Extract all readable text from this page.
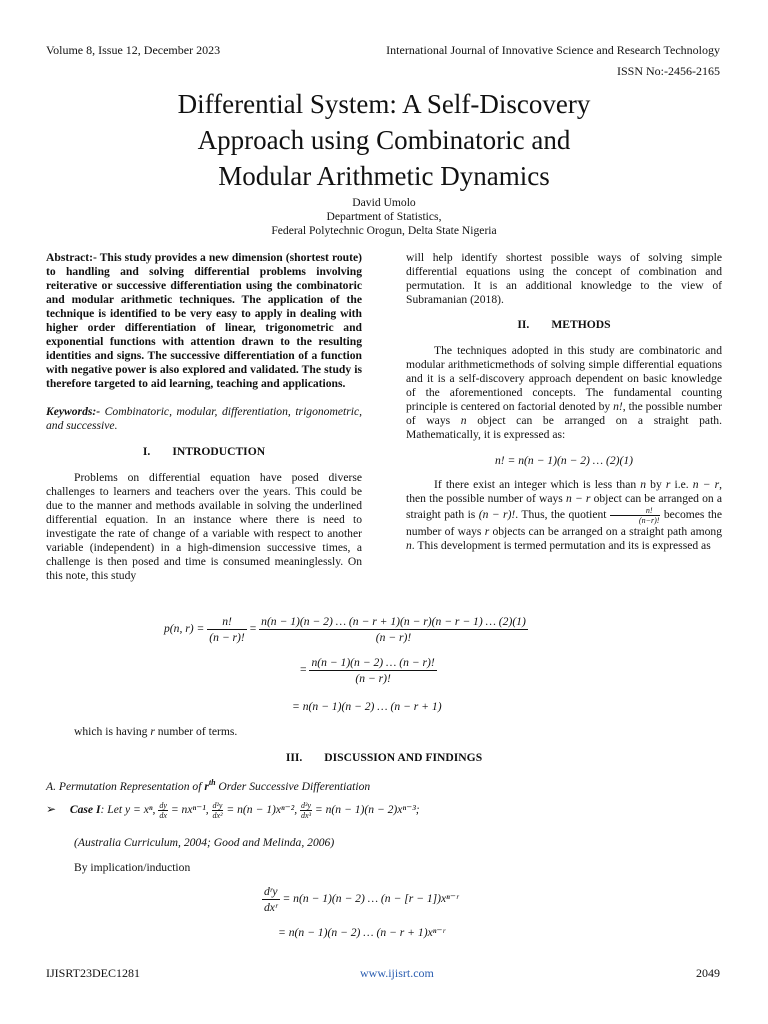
Volume 8, Issue 12, December 2023	International Journal of Innovative Science and Research Technology
ISSN No:-2456-2165
Differential System: A Self-Discovery
Approach using Combinatoric and
Modular Arithmetic Dynamics
David Umolo
Department of Statistics,
Federal Polytechnic Orogun, Delta State Nigeria

Abstract:- This study provides a new dimension (shortest route) to handling and solving differential problems involving reiterative or successive differentiation using the combinatoric and modular arithmetic techniques. The application of the technique is identified to be very easy to apply in dealing with higher order differentiation of linear, trigonometric and exponential functions with attention drawn to the resulting identities and signs. The successive differentiation of a function with negative power is also explored and validated. The study is therefore targeted to aid learning, teaching and applications.

Keywords:- Combinatoric, modular, differentiation, trigonometric, and successive.

I. INTRODUCTION

Problems on differential equation have posed diverse challenges to learners and teachers over the years. This could be due to the manner and methods available in solving the underlined differential equation. In an instance where there is need to investigate the rate of change of a variable with respect to another variable (independent) in a high-dimension successive times, a challenge is then posed and time is consumed meaninglessly. On this note, this study

will help identify shortest possible ways of solving simple differential equations using the concept of combination and permutation. It is an additional knowledge to the view of Subramanian (2018).

II. METHODS

The techniques adopted in this study are combinatoric and modular arithmeticmethods of solving simple differential equations and it is a self-discovery approach dependent on basic knowledge of the aforementioned concepts. The fundamental counting principle is centered on factorial denoted by n!, the possible number of ways n object can be arranged on a straight path. Mathematically, it is expressed as:

n! = n(n − 1)(n − 2) … (2)(1)

If there exist an integer which is less than n by r i.e. n − r, then the possible number of ways n − r object can be arranged on a straight path is (n − r)!. Thus, the quotient $\frac{n!}{(n-r)!}$ becomes the number of ways r objects can be arranged on a straight path among n. This development is termed permutation and its is expressed as

p(n, $r) = \frac{n!}{(n - r)!} = \frac{n(n - 1)(n - 2) \dots (n - r + 1)(n - r)(n - r - 1) \dots (2)(1)}{(n - r)!}$
= $\frac{n(n - 1)(n - 2) \dots (n - r)!}{(n - r)!}$
= n(n − 1)(n − 2) … (n − r + 1)
which is having r number of terms.
III. DISCUSSION AND FINDINGS
A. Permutation Representation of $r^{th}$ Order Successive Differentiation
➢ Case I: Let y = xⁿ, $\frac{dy}{dx} = nx^{n-1}$, $\frac{\text{d²y}}{\text{dx²}} = n(n - 1)x^{n-2}$, $\frac{\text{d³y}}{\text{dx³}} = n(n - 1)(n - 2)x^{n-3}$;
(Australia Curriculum, 2004; Good and Melinda, 2006)
By implication/induction
$\frac{\text{dʳy}}{\text{dxʳ}} = n(n - 1)(n - 2)$ … (n − [r − 1])xⁿ⁻ʳ
= n(n − 1)(n − 2) … (n − r + 1)xⁿ⁻ʳ
IJISRT23DEC1281	www.ijisrt.com	2049
